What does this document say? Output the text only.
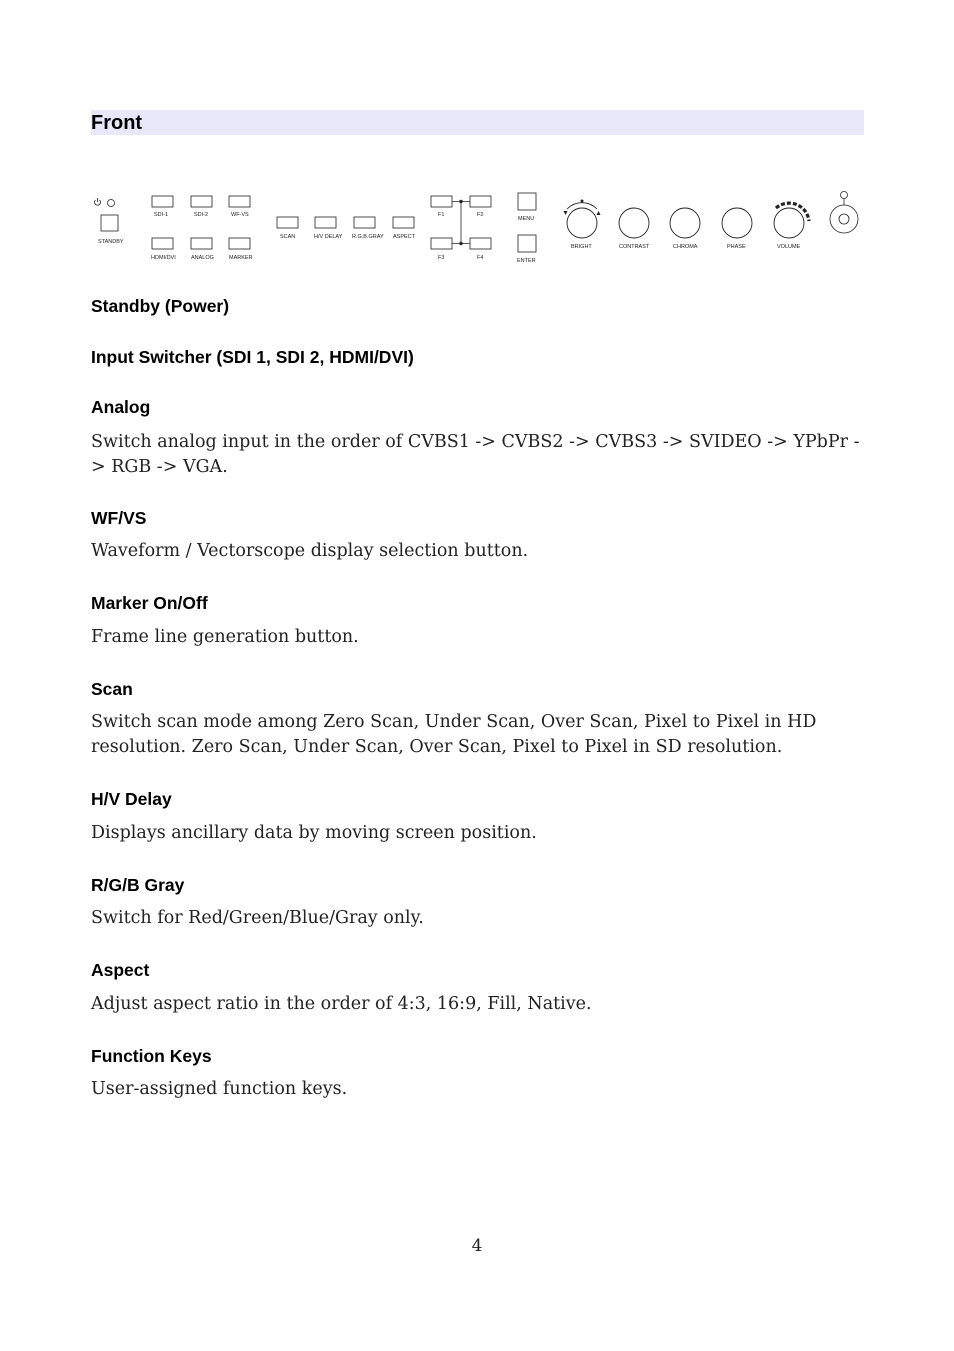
Front
STANDBY
SDI-1	SDI-2	WF-VS
HDMI/DVI	ANALOG	MARKER
SCAN	H/V DELAY R.G.B.GRAY ASPECT
F1	F2
F3	F4
MENU
ENTER
BRIGHT	CONTRAST	CHROMA	PHASE	VOLUME
Standby (Power)
Input Switcher (SDI 1, SDI 2, HDMI/DVI)
Analog

Switch analog input in the order of CVBS1 -> CVBS2 -> CVBS3 -> SVIDEO -> YPbPr -> RGB -> VGA.

WF/VS

Waveform / Vectorscope display selection button.

Marker On/Off

Frame line generation button.

Scan

Switch scan mode among Zero Scan, Under Scan, Over Scan, Pixel to Pixel in HD resolution. Zero Scan, Under Scan, Over Scan, Pixel to Pixel in SD resolution.

H/V Delay

Displays ancillary data by moving screen position.

R/G/B Gray

Switch for Red/Green/Blue/Gray only.

Aspect

Adjust aspect ratio in the order of 4:3, 16:9, Fill, Native.

Function Keys

User-assigned function keys.

4
